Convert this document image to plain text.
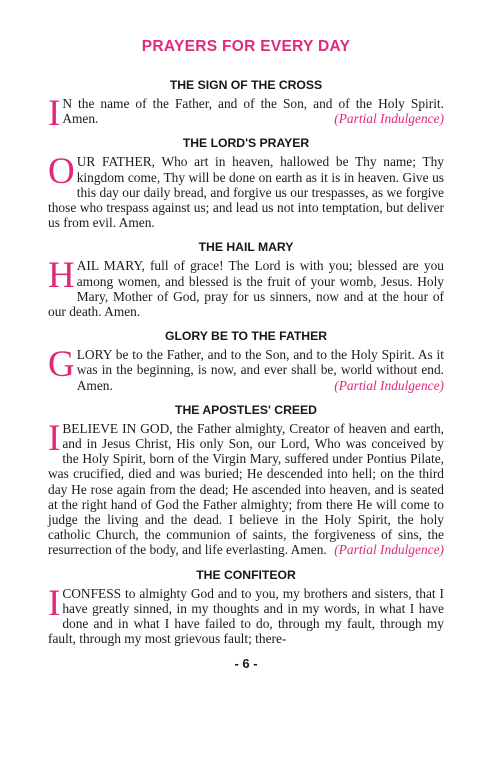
PRAYERS FOR EVERY DAY
THE SIGN OF THE CROSS

I N the name of the Father, and of the Son, and of the Holy Spirit. Amen.	(Partial Indulgence)

THE LORD'S PRAYER

OUR FATHER, Who art in heaven, hallowed be Thy name; Thy kingdom come, Thy will be done on earth as it is in heaven. Give us this day our daily bread, and forgive us our trespasses, as we forgive those who trespass against us; and lead us not into temptation, but deliver us from evil. Amen.

THE HAIL MARY

HAIL MARY, full of grace! The Lord is with you; blessed are you among women, and blessed is the fruit of your womb, Jesus. Holy Mary, Mother of God, pray for us sinners, now and at the hour of our death. Amen.

GLORY BE TO THE FATHER

GLORY be to the Father, and to the Son, and to the Holy Spirit. As it was in the beginning, is now, and ever shall be, world without end. Amen.	(Partial Indulgence)

THE APOSTLES' CREED

IBELIEVE IN GOD, the Father almighty, Creator of heaven and earth, and in Jesus Christ, His only Son, our Lord, Who was conceived by the Holy Spirit, born of the Virgin Mary, suffered under Pontius Pilate, was crucified, died and was buried; He descended into hell; on the third day He rose again from the dead; He ascended into heaven, and is seated at the right hand of God the Father almighty; from there He will come to judge the living and the dead. I believe in the Holy Spirit, the holy catholic Church, the communion of saints, the forgiveness of sins, the resurrection of the body, and life everlasting. Amen. (Partial Indulgence)

THE CONFITEOR

ICONFESS to almighty God and to you, my brothers and sisters, that I have greatly sinned, in my thoughts and in my words, in what I have done and in what I have failed to do, through my fault, through my fault, through my most grievous fault; there-

- 6 -
